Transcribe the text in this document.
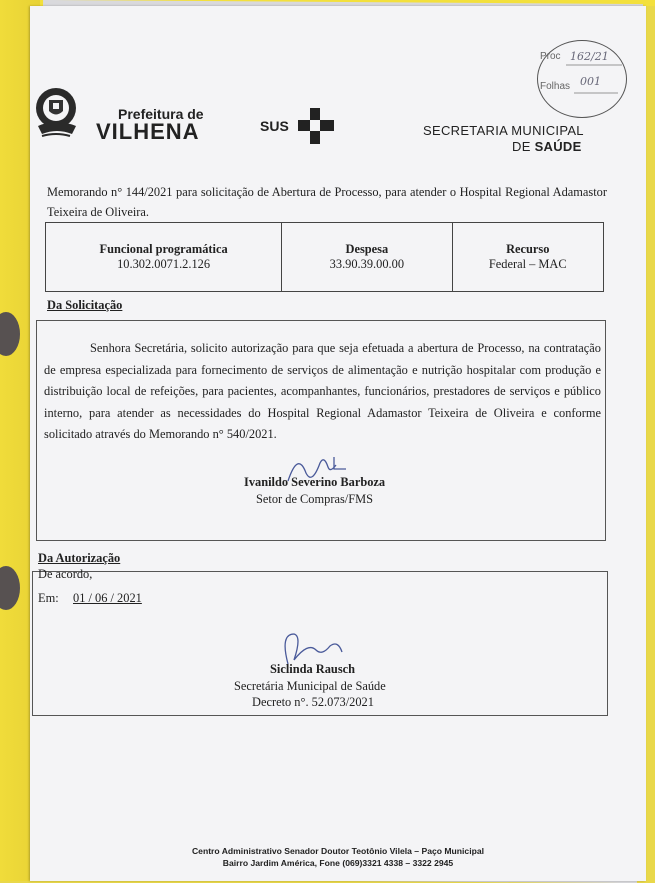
Proc 162/21
Folhas 001
Prefeitura de
VILHENA	SUS	SECRETARIA MUNICIPAL
DE SAÚDE
Memorando n° 144/2021 para solicitação de Abertura de Processo, para atender o Hospital Regional Adamastor Teixeira de Oliveira.
Funcional programática
10.302.0071.2.126
Despesa
33.90.39.00.00
Recurso
Federal – MAC
Da Solicitação
Senhora Secretária, solicito autorização para que seja efetuada a abertura de Processo, na contratação de empresa especializada para fornecimento de serviços de alimentação e nutrição hospitalar com produção e distribuição local de refeições, para pacientes, acompanhantes, funcionários, prestadores de serviços e público interno, para atender as necessidades do Hospital Regional Adamastor Teixeira de Oliveira e conforme solicitado através do Memorando n° 540/2021.
Ivanildo Severino Barboza
Setor de Compras/FMS
Da Autorização
De acordo,
Em: 01 / 06 / 2021
Siclinda Rausch
Secretária Municipal de Saúde
Decreto n°. 52.073/2021
Centro Administrativo Senador Doutor Teotônio Vilela – Paço Municipal
Bairro Jardim América, Fone (069)3321 4338 – 3322 2945
